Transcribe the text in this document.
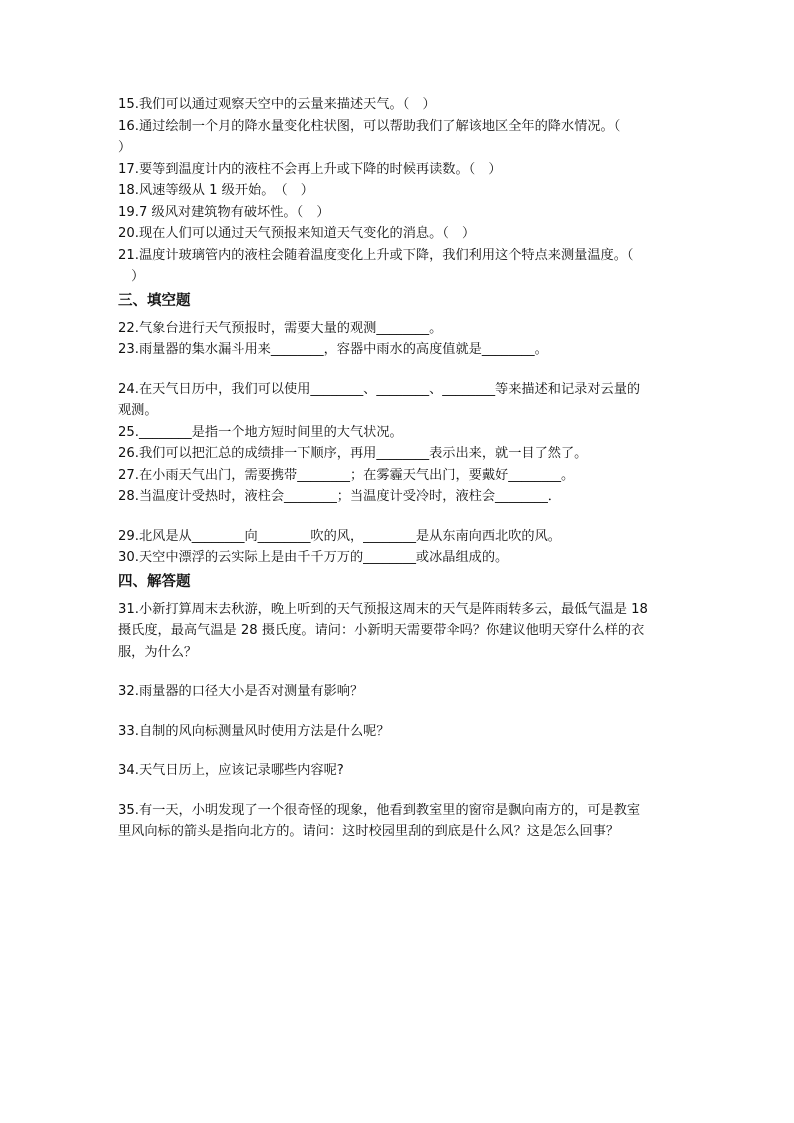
15.我们可以通过观察天空中的云量来描述天气。（　）
16.通过绘制一个月的降水量变化柱状图，可以帮助我们了解该地区全年的降水情况。（
）
17.要等到温度计内的液柱不会再上升或下降的时候再读数。（　）
18.风速等级从 1 级开始。　（　）
19.7 级风对建筑物有破坏性。（　）
20.现在人们可以通过天气预报来知道天气变化的消息。（　）
21.温度计玻璃管内的液柱会随着温度变化上升或下降，我们利用这个特点来测量温度。（
　）
三、填空题
22.气象台进行天气预报时，需要大量的观测________。
23.雨量器的集水漏斗用来________，容器中雨水的高度值就是________。
24.在天气日历中，我们可以使用________、________、________等来描述和记录对云量的
观测。
25.________是指一个地方短时间里的大气状况。
26.我们可以把汇总的成绩排一下顺序，再用________表示出来，就一目了然了。
27.在小雨天气出门，需要携带________；在雾霾天气出门，要戴好________。
28.当温度计受热时，液柱会________；当温度计受冷时，液柱会________．
29.北风是从________向________吹的风，________是从东南向西北吹的风。
30.天空中漂浮的云实际上是由千千万万的________或冰晶组成的。
四、解答题
31.小新打算周末去秋游，晚上听到的天气预报这周末的天气是阵雨转多云，最低气温是 18
摄氏度，最高气温是 28 摄氏度。请问：小新明天需要带伞吗？你建议他明天穿什么样的衣
服，为什么？
32.雨量器的口径大小是否对测量有影响？
33.自制的风向标测量风时使用方法是什么呢？
34.天气日历上，应该记录哪些内容呢?
35.有一天，小明发现了一个很奇怪的现象，他看到教室里的窗帘是飘向南方的，可是教室
里风向标的箭头是指向北方的。请问：这时校园里刮的到底是什么风？这是怎么回事？
